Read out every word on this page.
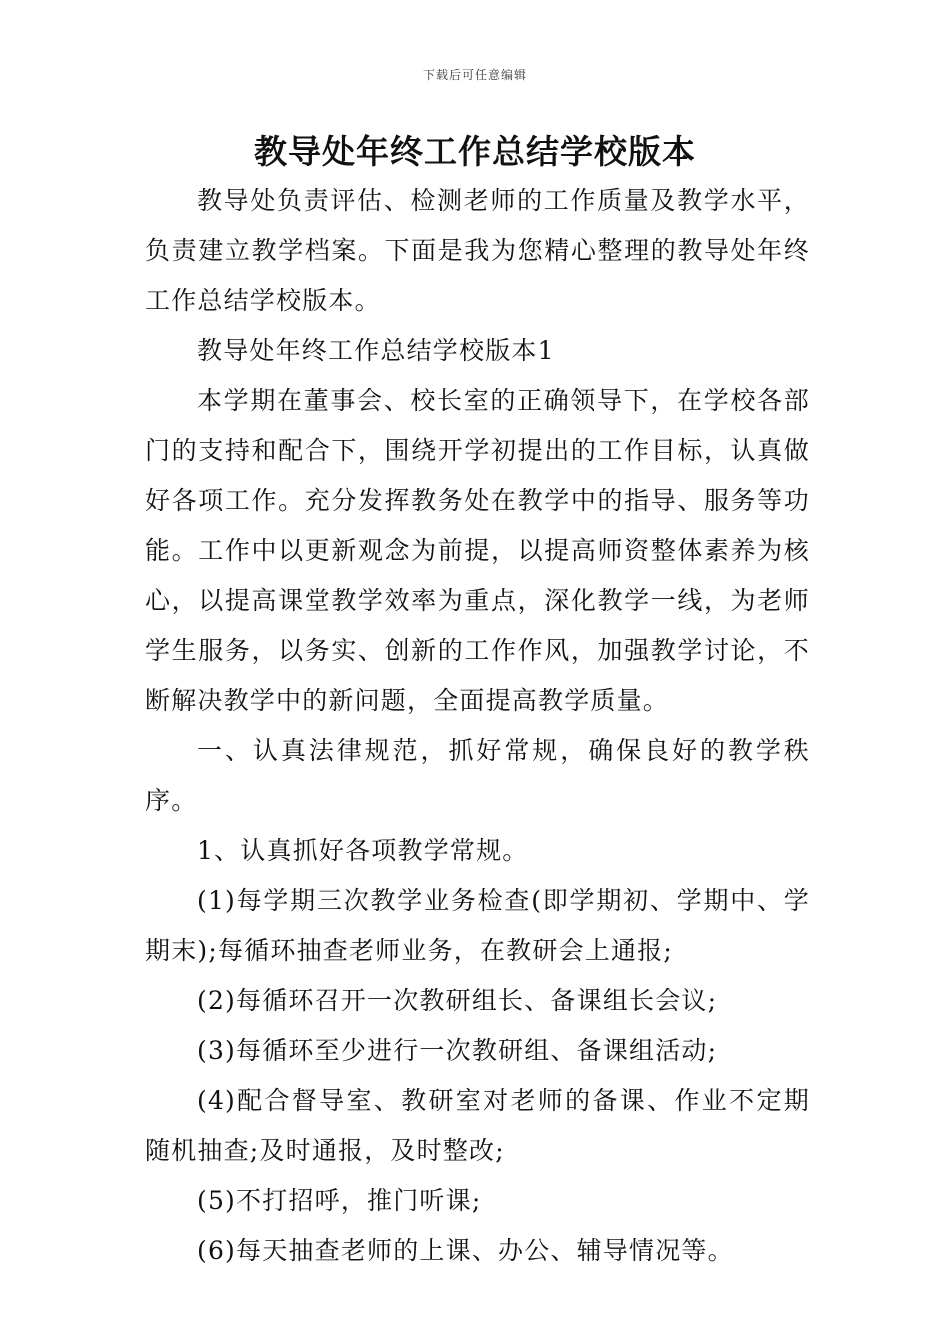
下载后可任意编辑
教导处年终工作总结学校版本

教导处负责评估、检测老师的工作质量及教学水平，负责建立教学档案。下面是我为您精心整理的教导处年终工作总结学校版本。

教导处年终工作总结学校版本1

本学期在董事会、校长室的正确领导下，在学校各部门的支持和配合下，围绕开学初提出的工作目标，认真做好各项工作。充分发挥教务处在教学中的指导、服务等功能。工作中以更新观念为前提，以提高师资整体素养为核心，以提高课堂教学效率为重点，深化教学一线，为老师学生服务，以务实、创新的工作作风，加强教学讨论，不断解决教学中的新问题，全面提高教学质量。

一、认真法律规范，抓好常规，确保良好的教学秩序。

1、认真抓好各项教学常规。

(1)每学期三次教学业务检查(即学期初、学期中、学期末);每循环抽查老师业务，在教研会上通报;

(2)每循环召开一次教研组长、备课组长会议;

(3)每循环至少进行一次教研组、备课组活动;

(4)配合督导室、教研室对老师的备课、作业不定期随机抽查;及时通报，及时整改;

(5)不打招呼，推门听课;

(6)每天抽查老师的上课、办公、辅导情况等。
